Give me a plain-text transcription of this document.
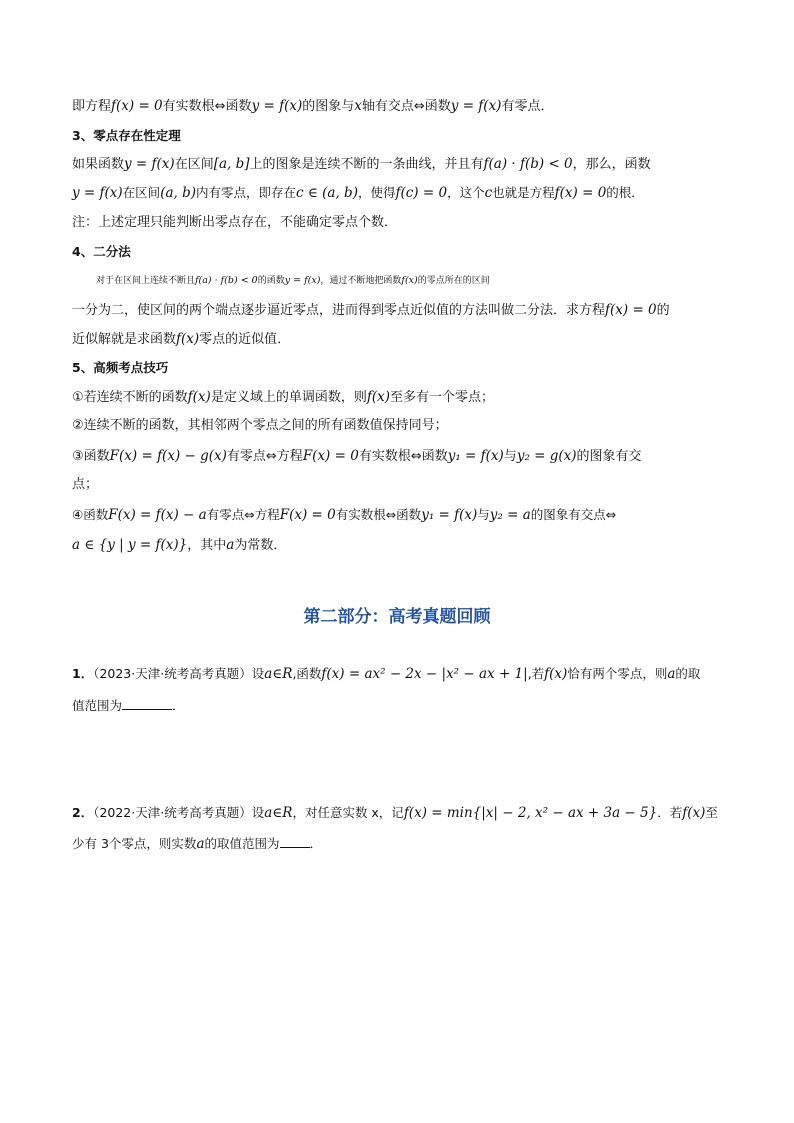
即方程f(x) = 0有实数根⇔函数y = f(x)的图象与x轴有交点⇔函数y = f(x)有零点．
3、零点存在性定理
如果函数y = f(x)在区间[a, b]上的图象是连续不断的一条曲线，并且有f(a) · f(b) < 0，那么，函数
y = f(x)在区间(a, b)内有零点，即存在c ∈ (a, b)，使得f(c) = 0，这个c也就是方程f(x) = 0的根．
注：上述定理只能判断出零点存在，不能确定零点个数．
4、二分法
对于在区间上连续不断且f(a) · f(b) < 0的函数y = f(x)，通过不断地把函数f(x)的零点所在的区间
一分为二，使区间的两个端点逐步逼近零点，进而得到零点近似值的方法叫做二分法．求方程f(x) = 0的
近似解就是求函数f(x)零点的近似值．
5、高频考点技巧
①若连续不断的函数f(x)是定义域上的单调函数，则f(x)至多有一个零点；
②连续不断的函数，其相邻两个零点之间的所有函数值保持同号；
③函数F(x) = f(x) − g(x)有零点⇔方程F(x) = 0有实数根⇔函数y₁ = f(x)与y₂ = g(x)的图象有交
点；
④函数F(x) = f(x) − a有零点⇔方程F(x) = 0有实数根⇔函数y₁ = f(x)与y₂ = a的图象有交点⇔
a ∈ {y | y = f(x)}，其中a为常数．
第二部分：高考真题回顾
1．（2023·天津·统考高考真题）设a∈R,函数f(x) = ax² − 2x − |x² − ax + 1|,若f(x)恰有两个零点，则a的取
值范围为	．
2．（2022·天津·统考高考真题）设a∈R，对任意实数 x，记f(x) = min{|x| − 2, x² − ax + 3a − 5}．若f(x)至
少有 3个零点，则实数a的取值范围为 ．
